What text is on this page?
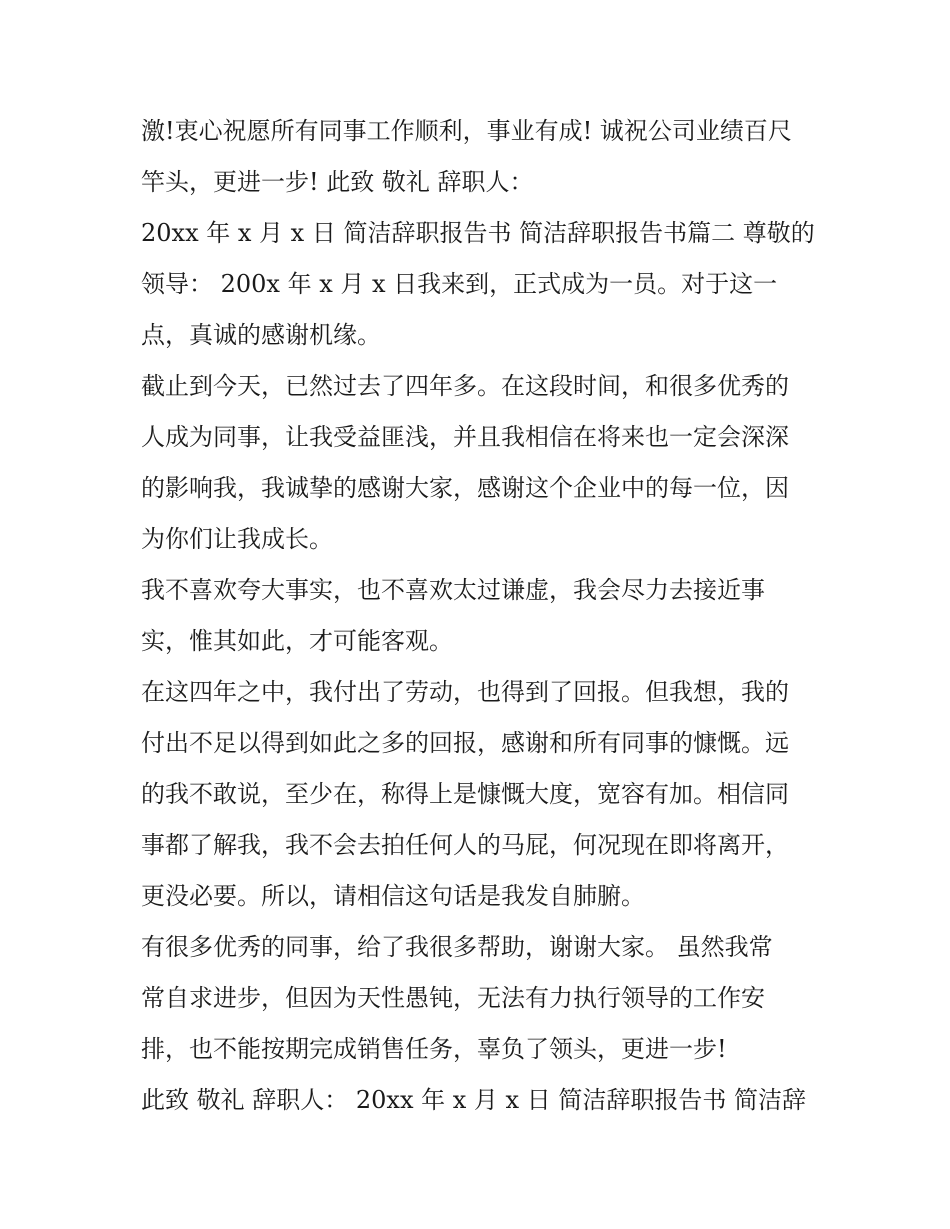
激!衷心祝愿所有同事工作顺利，事业有成! 诚祝公司业绩百尺
竿头，更进一步! 此致 敬礼 辞职人：
20xx 年 x 月 x 日 简洁辞职报告书 简洁辞职报告书篇二 尊敬的
领导： 200x 年 x 月 x 日我来到，正式成为一员。对于这一
点，真诚的感谢机缘。
截止到今天，已然过去了四年多。在这段时间，和很多优秀的
人成为同事，让我受益匪浅，并且我相信在将来也一定会深深
的影响我，我诚挚的感谢大家，感谢这个企业中的每一位，因
为你们让我成长。
我不喜欢夸大事实，也不喜欢太过谦虚，我会尽力去接近事
实，惟其如此，才可能客观。
在这四年之中，我付出了劳动，也得到了回报。但我想，我的
付出不足以得到如此之多的回报，感谢和所有同事的慷慨。远
的我不敢说，至少在，称得上是慷慨大度，宽容有加。相信同
事都了解我，我不会去拍任何人的马屁，何况现在即将离开，
更没必要。所以，请相信这句话是我发自肺腑。
有很多优秀的同事，给了我很多帮助，谢谢大家。 虽然我常
常自求进步，但因为天性愚钝，无法有力执行领导的工作安
排，也不能按期完成销售任务，辜负了领头，更进一步!
此致 敬礼 辞职人： 20xx 年 x 月 x 日 简洁辞职报告书 简洁辞
